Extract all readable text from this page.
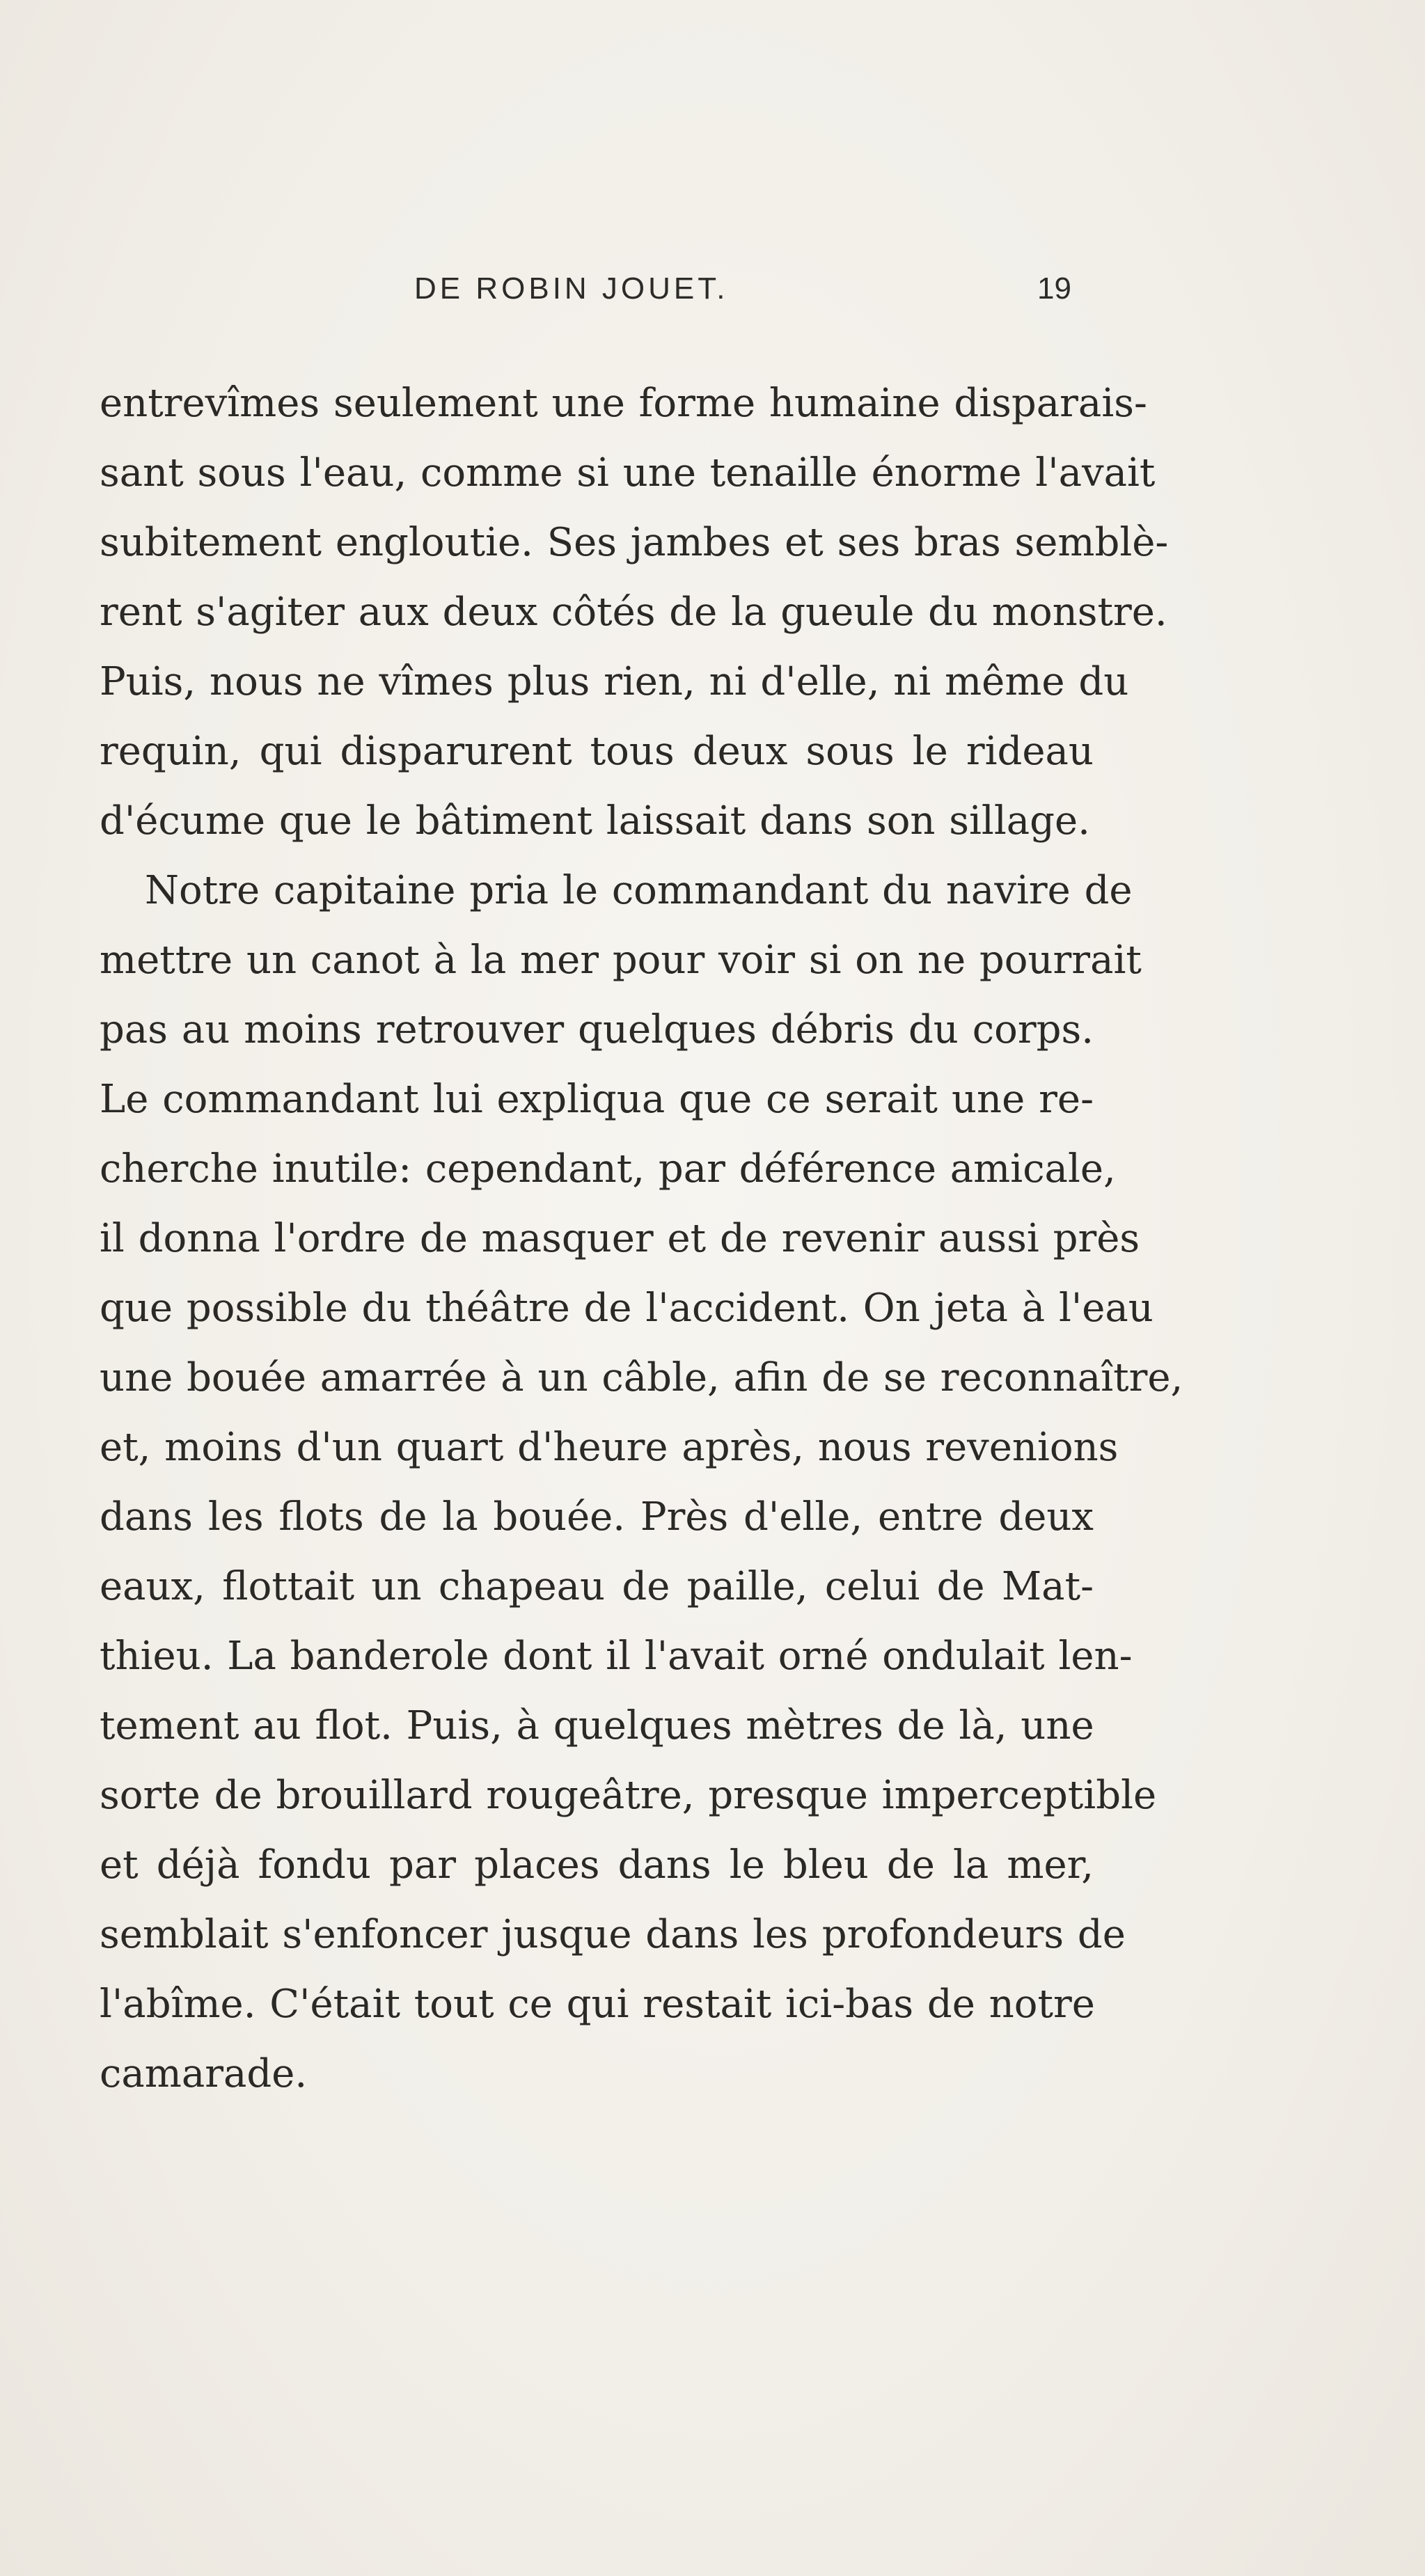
DE ROBIN JOUET.	19
entrevîmes seulement une forme humaine disparais-
sant sous l'eau, comme si une tenaille énorme l'avait
subitement engloutie. Ses jambes et ses bras semblè-
rent s'agiter aux deux côtés de la gueule du monstre.
Puis, nous ne vîmes plus rien, ni d'elle, ni même du
requin, qui disparurent tous deux sous le rideau
d'écume que le bâtiment laissait dans son sillage.
Notre capitaine pria le commandant du navire de
mettre un canot à la mer pour voir si on ne pourrait
pas au moins retrouver quelques débris du corps.
Le commandant lui expliqua que ce serait une re-
cherche inutile: cependant, par déférence amicale,
il donna l'ordre de masquer et de revenir aussi près
que possible du théâtre de l'accident. On jeta à l'eau
une bouée amarrée à un câble, afin de se reconnaître,
et, moins d'un quart d'heure après, nous revenions
dans les flots de la bouée. Près d'elle, entre deux
eaux, flottait un chapeau de paille, celui de Mat-
thieu. La banderole dont il l'avait orné ondulait len-
tement au flot. Puis, à quelques mètres de là, une
sorte de brouillard rougeâtre, presque imperceptible
et déjà fondu par places dans le bleu de la mer,
semblait s'enfoncer jusque dans les profondeurs de
l'abîme. C'était tout ce qui restait ici-bas de notre
camarade.
